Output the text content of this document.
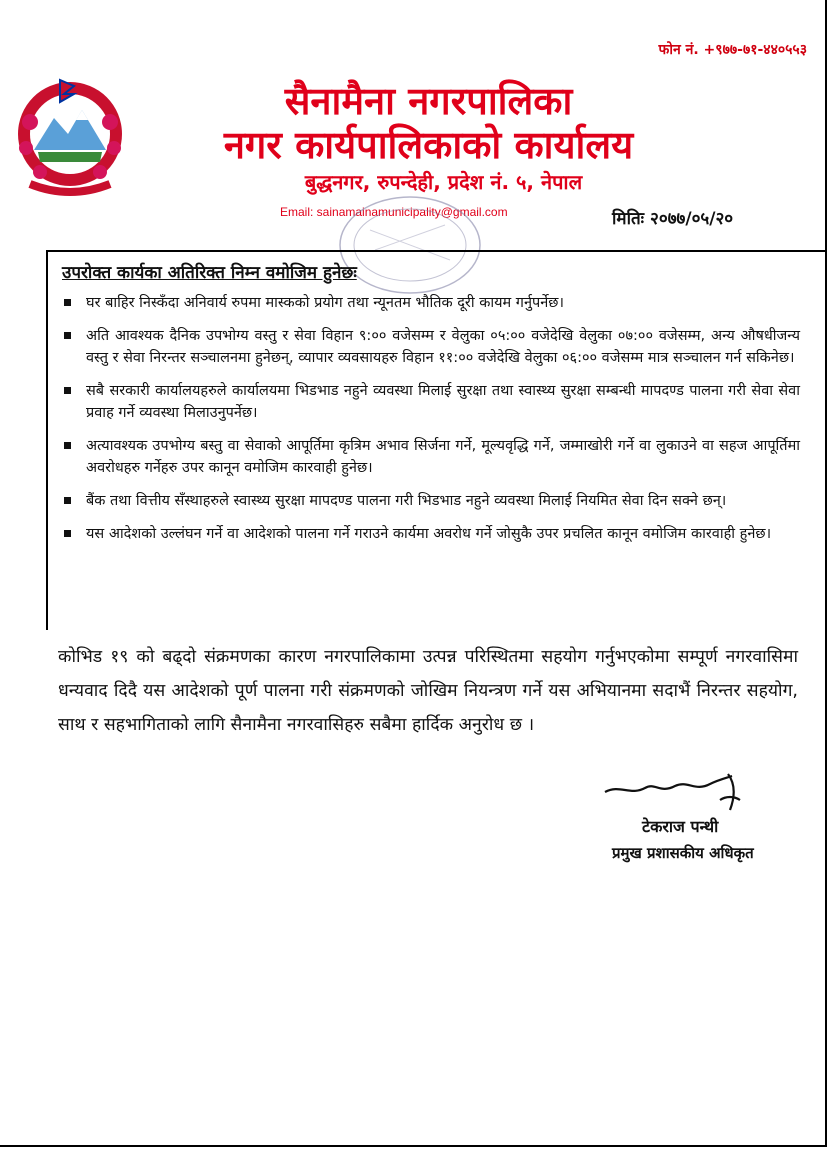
फोन नं. +९७७-७१-४४०५५३
सैनामैना नगरपालिका
नगर कार्यपालिकाको कार्यालय
बुद्धनगर, रुपन्देही, प्रदेश नं. ५, नेपाल
Email: sainamainamunicipality@gmail.com	मितिः २०७७/०५/२०
उपरोक्त कार्यका अतिरिक्त निम्न वमोजिम हुनेछः
घर बाहिर निस्कँदा अनिवार्य रुपमा मास्कको प्रयोग तथा न्यूनतम भौतिक दूरी कायम गर्नुपर्नेछ।
अति आवश्यक दैनिक उपभोग्य वस्तु र सेवा विहान ९:०० वजेसम्म र वेलुका ०५:०० वजेदेखि वेलुका ०७:०० वजेसम्म, अन्य औषधीजन्य वस्तु र सेवा निरन्तर सञ्चालनमा हुनेछन्, व्यापार व्यवसायहरु विहान ११:०० वजेदेखि वेलुका ०६:०० वजेसम्म मात्र सञ्चालन गर्न सकिनेछ।
सबै सरकारी कार्यालयहरुले कार्यालयमा भिडभाड नहुने व्यवस्था मिलाई सुरक्षा तथा स्वास्थ्य सुरक्षा सम्बन्धी मापदण्ड पालना गरी सेवा सेवा प्रवाह गर्ने व्यवस्था मिलाउनुपर्नेछ।
अत्यावश्यक उपभोग्य बस्तु वा सेवाको आपूर्तिमा कृत्रिम अभाव सिर्जना गर्ने, मूल्यवृद्धि गर्ने, जम्माखोरी गर्ने वा लुकाउने वा सहज आपूर्तिमा अवरोधहरु गर्नेहरु उपर कानून वमोजिम कारवाही हुनेछ।
बैंक तथा वित्तीय सँस्थाहरुले स्वास्थ्य सुरक्षा मापदण्ड पालना गरी भिडभाड नहुने व्यवस्था मिलाई नियमित सेवा दिन सक्ने छन्।
यस आदेशको उल्लंघन गर्ने वा आदेशको पालना गर्ने गराउने कार्यमा अवरोध गर्ने जोसुकै उपर प्रचलित कानून वमोजिम कारवाही हुनेछ।
कोभिड १९ को बढ्दो संक्रमणका कारण नगरपालिकामा उत्पन्न परिस्थितमा सहयोग गर्नुभएकोमा सम्पूर्ण नगरवासिमा धन्यवाद दिदै यस आदेशको पूर्ण पालना गरी संक्रमणको जोखिम नियन्त्रण गर्ने यस अभियानमा सदाभैं निरन्तर सहयोग, साथ र सहभागिताको लागि सैनामैना नगरवासिहरु सबैमा हार्दिक अनुरोध छ ।
टेकराज पन्थी
प्रमुख प्रशासकीय अधिकृत
